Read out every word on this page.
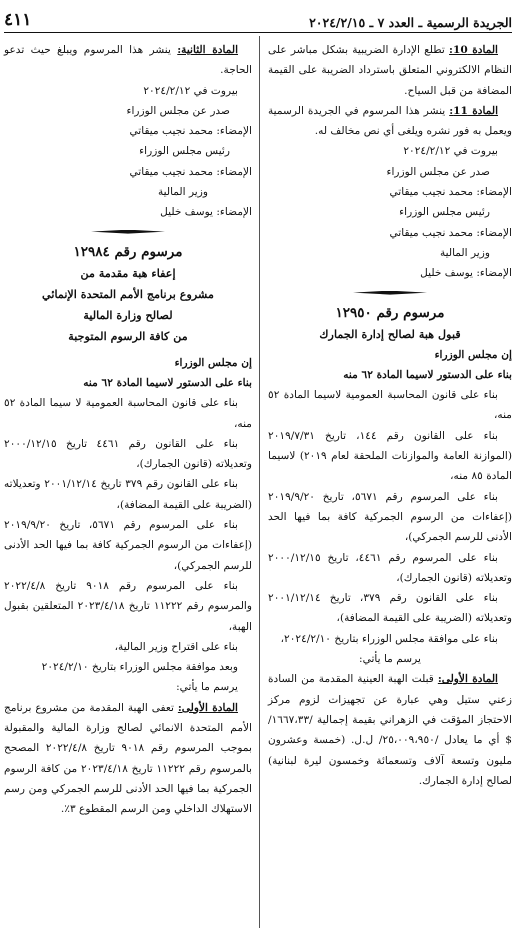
الجريدة الرسمية ـ العدد ٧ ـ ٢٠٢٤/٢/١٥
٤١١

المادة 10: تطلع الإدارة الضريبية بشكل مباشر على النظام الالكتروني المتعلق باسترداد الضريبة على القيمة المضافة من قبل السياح.

المادة 11: ينشر هذا المرسوم في الجريدة الرسمية ويعمل به فور نشره ويلغى أي نص مخالف له.

بيروت في ٢٠٢٤/٢/١٢

صدر عن مجلس الوزراء

الإمضاء: محمد نجيب ميقاتي

رئيس مجلس الوزراء

الإمضاء: محمد نجيب ميقاتي

وزير المالية

الإمضاء: يوسف خليل

مرسوم رقم ١٢٩٥٠

قبول هبة لصالح إدارة الجمارك

إن مجلس الوزراء

بناء على الدستور لاسيما المادة ٦٢ منه

بناء على قانون المحاسبة العمومية لاسيما المادة ٥٢ منه،

بناء على القانون رقم ١٤٤، تاريخ ٢٠١٩/٧/٣١ (الموازنة العامة والموازنات الملحقة لعام ٢٠١٩) لاسيما المادة ٨٥ منه،

بناء على المرسوم رقم ٥٦٧١، تاريخ ٢٠١٩/٩/٢٠ (إعفاءات من الرسوم الجمركية كافة بما فيها الحد الأدنى للرسم الجمركي)،

بناء على المرسوم رقم ٤٤٦١، تاريخ ٢٠٠٠/١٢/١٥ وتعديلاته (قانون الجمارك)،

بناء على القانون رقم ٣٧٩، تاريخ ٢٠٠١/١٢/١٤ وتعديلاته (الضريبة على القيمة المضافة)،

بناء على موافقة مجلس الوزراء بتاريخ ٢٠٢٤/٢/١٠،

يرسم ما يأتي:

المادة الأولى: قبلت الهبة العينية المقدمة من السادة زعني ستيل وهي عبارة عن تجهيزات لزوم مركز الاحتجاز المؤقت في الزهراني بقيمة إجمالية /١٦٦٧،٣٣/ $ أي ما يعادل /٢٥،٠٠٩،٩٥٠/ ل.ل. (خمسة وعشرون مليون وتسعة آلاف وتسعمائة وخمسون ليرة لبنانية) لصالح إدارة الجمارك.

المادة الثانية: ينشر هذا المرسوم ويبلغ حيث تدعو الحاجة.

بيروت في ٢٠٢٤/٢/١٢

صدر عن مجلس الوزراء

الإمضاء: محمد نجيب ميقاتي

رئيس مجلس الوزراء

الإمضاء: محمد نجيب ميقاتي

وزير المالية

الإمضاء: يوسف خليل

مرسوم رقم ١٢٩٨٤

إعفاء هبة مقدمة من

مشروع برنامج الأمم المتحدة الإنمائي

لصالح وزارة المالية

من كافة الرسوم المتوجبة

إن مجلس الوزراء

بناء على الدستور لاسيما المادة ٦٢ منه

بناء على قانون المحاسبة العمومية لا سيما المادة ٥٢ منه،

بناء على القانون رقم ٤٤٦١ تاريخ ٢٠٠٠/١٢/١٥ وتعديلاته (قانون الجمارك)،

بناء على القانون رقم ٣٧٩ تاريخ ٢٠٠١/١٢/١٤ وتعديلاته (الضريبة على القيمة المضافة)،

بناء على المرسوم رقم ٥٦٧١، تاريخ ٢٠١٩/٩/٢٠ (إعفاءات من الرسوم الجمركية كافة بما فيها الحد الأدنى للرسم الجمركي)،

بناء على المرسوم رقم ٩٠١٨ تاريخ ٢٠٢٢/٤/٨ والمرسوم رقم ١١٢٢٢ تاريخ ٢٠٢٣/٤/١٨ المتعلقين بقبول الهبة،

بناء على اقتراح وزير المالية،

وبعد موافقة مجلس الوزراء بتاريخ ٢٠٢٤/٢/١٠

يرسم ما يأتي:

المادة الأولى: تعفى الهبة المقدمة من مشروع برنامج الأمم المتحدة الانمائي لصالح وزارة المالية والمقبولة بموجب المرسوم رقم ٩٠١٨ تاريخ ٢٠٢٢/٤/٨ المصحح بالمرسوم رقم ١١٢٢٢ تاريخ ٢٠٢٣/٤/١٨ من كافة الرسوم الجمركية بما فيها الحد الأدنى للرسم الجمركي ومن رسم الاستهلاك الداخلي ومن الرسم المقطوع ٣٪.
